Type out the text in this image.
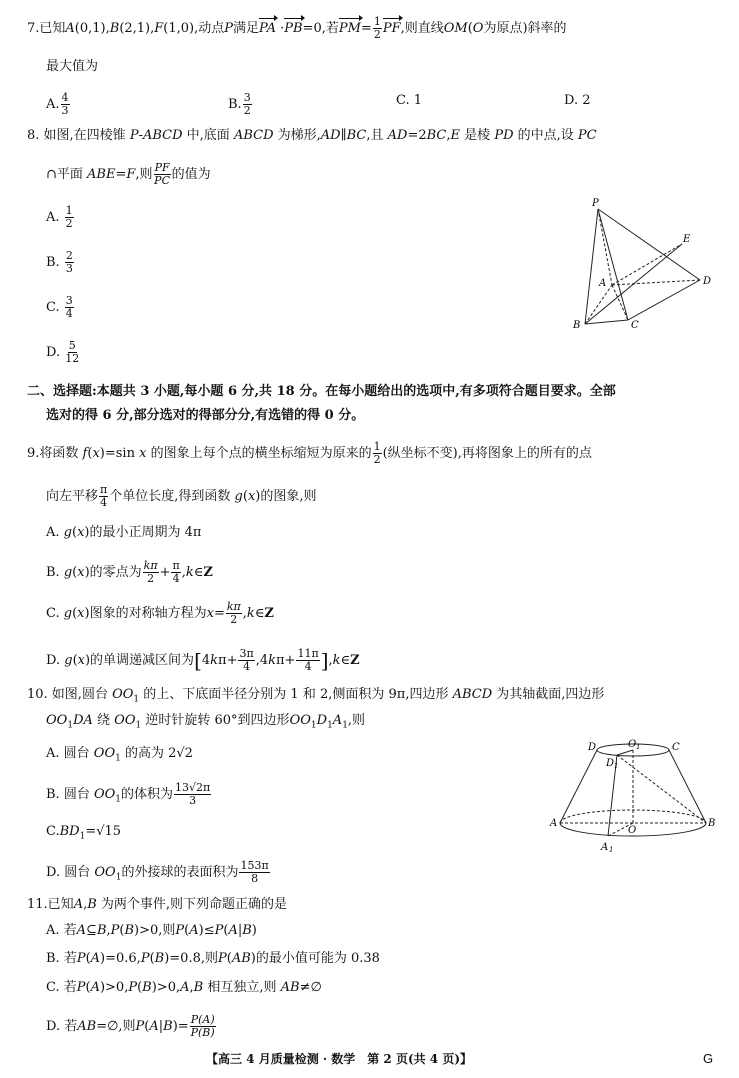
7.已知A(0,1),B(2,1),F(1,0),动点P满足PA ·PB=0,若$PM= \frac{1}{2}$ PF,则直线OM(O为原点)斜率的
最大值为
A. $\frac{4}{3}$	B. $\frac{3}{2}$	C. 1	D. 2
8. 如图,在四棱锥 P-ABCD 中,底面 ABCD 为梯形,AD∥BC,且 AD=2BC,E 是棱 PD 的中点,设 PC
∩平面 ABE=F,则 $\frac{PF}{PC}$ 的值为
A. $\frac{1}{2}$
B. $\frac{2}{3}$
C. $\frac{3}{4}$
D. $\frac{5}{12}$
P
E
A	D
B	C
二、选择题:本题共 3 小题,每小题 6 分,共 18 分。在每小题给出的选项中,有多项符合题目要求。全部
选对的得 6 分,部分选对的得部分分,有选错的得 0 分。
9.将函数 f(x)=sin x 的图象上每个点的横坐标缩短为原来的 $\frac{1}{2}$ (纵坐标不变),再将图象上的所有的点
向左平移 $\frac{\pi}{4}$ 个单位长度,得到函数 g(x)的图象,则
A. g(x)的最小正周期为 4π
B. g(x)的零点为 $\frac{k\pi}{2} + \frac{\pi}{4}$ ,k∈Z
C. g(x)图象的对称轴方程为$x= \frac{k\pi}{2}$ ,k∈Z
D. g(x)的单调递减区间为[$4k\pi+ \frac{3\pi}{4} ,4k\pi+ \frac{11\pi}{4}$ ],k∈Z
10. 如图,圆台 $OO_1$ 的上、下底面半径分别为 1 和 2,侧面积为 9π,四边形 ABCD 为其轴截面,四边形
$OO_1DA$ 绕 $OO_1$ 逆时针旋转 60°到四边形$OO_1D_1A_1$,则
A. 圆台 $OO_1$ 的高为 2√2
B. 圆台 $OO_1$的体积为 $\frac{13√2\pi}{3}$
$C.BD_1=√15$
D. 圆台 $OO_1$的外接球的表面积为 $\frac{153\pi}{8}$
D	O 1	C
D 1
A
O
B
A 1
11.已知A,B 为两个事件,则下列命题正确的是
A. 若A⊆B,P(B)>0,则P(A)≤P(A|B)
B. 若P(A)=0.6,P(B)=0.8,则P(AB)的最小值可能为 0.38
C. 若P(A)>0,P(B)>0,A,B 相互独立,则 AB≠∅
D. 若AB=∅,则$P(A|B)= \frac{P(A)}{P(B)}$
【高三 4 月质量检测 · 数学　第 2 页(共 4 页)】	G
